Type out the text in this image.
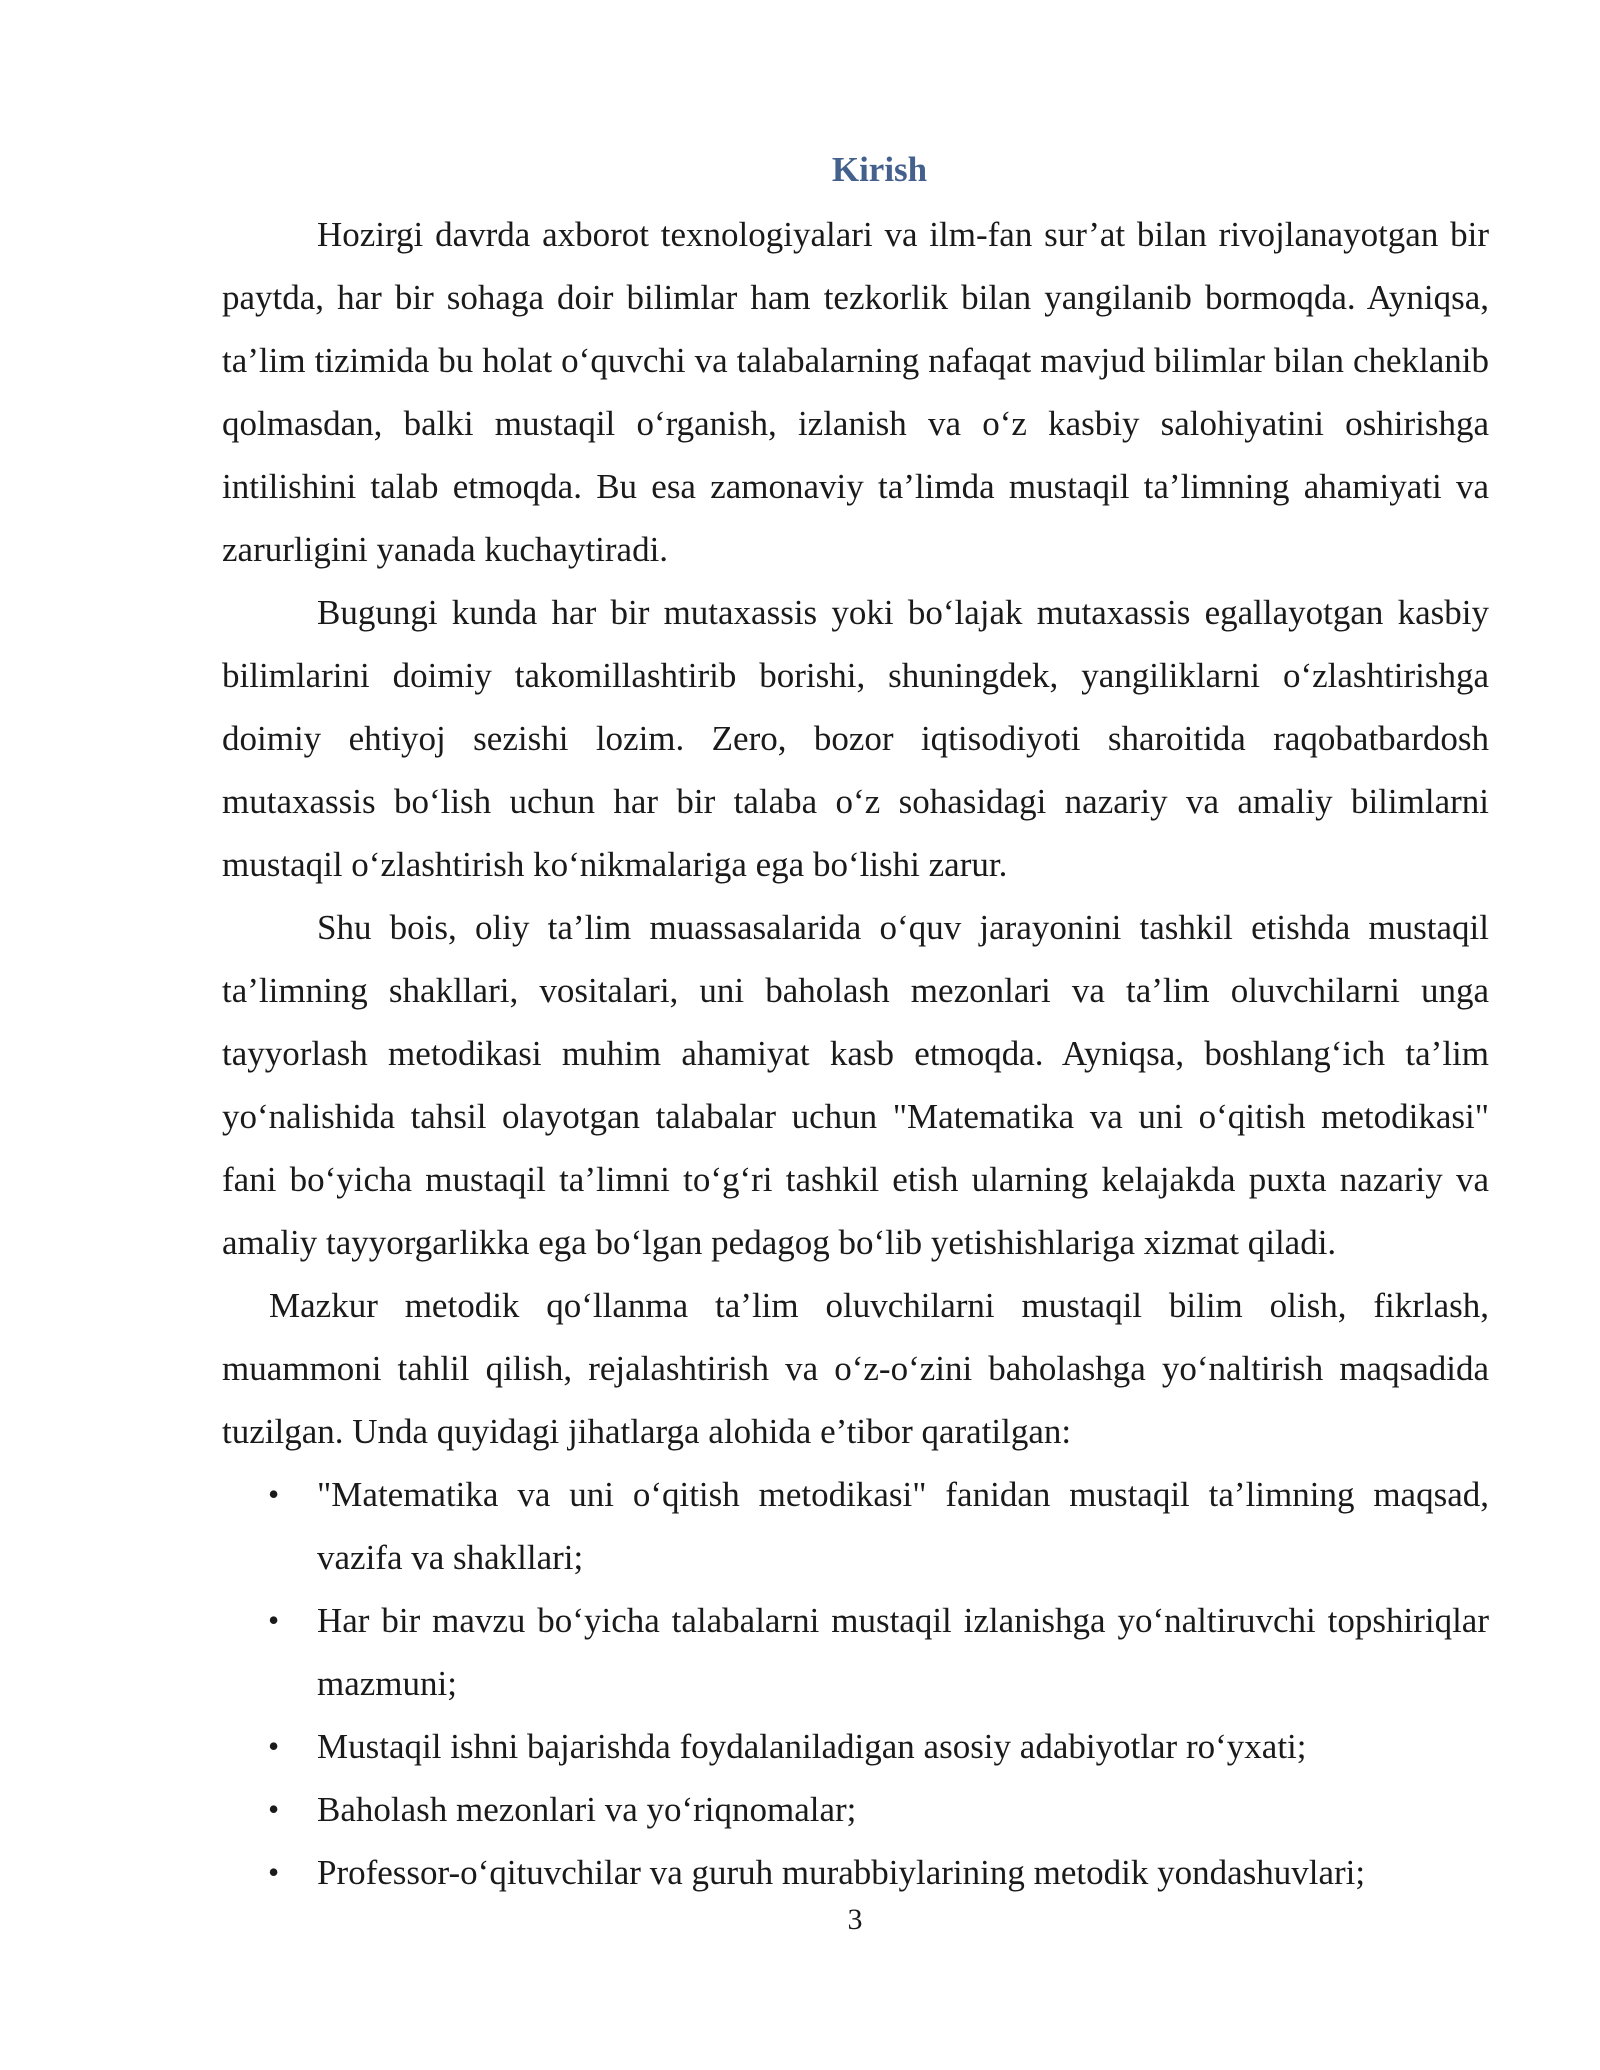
Kirish

Hozirgi davrda axborot texnologiyalari va ilm-fan sur’at bilan rivojlanayotgan bir paytda, har bir sohaga doir bilimlar ham tezkorlik bilan yangilanib bormoqda. Ayniqsa, ta’lim tizimida bu holat o‘quvchi va talabalarning nafaqat mavjud bilimlar bilan cheklanib qolmasdan, balki mustaqil o‘rganish, izlanish va o‘z kasbiy salohiyatini oshirishga intilishini talab etmoqda. Bu esa zamonaviy ta’limda mustaqil ta’limning ahamiyati va zarurligini yanada kuchaytiradi.

Bugungi kunda har bir mutaxassis yoki bo‘lajak mutaxassis egallayotgan kasbiy bilimlarini doimiy takomillashtirib borishi, shuningdek, yangiliklarni o‘zlashtirishga doimiy ehtiyoj sezishi lozim. Zero, bozor iqtisodiyoti sharoitida raqobatbardosh mutaxassis bo‘lish uchun har bir talaba o‘z sohasidagi nazariy va amaliy bilimlarni mustaqil o‘zlashtirish ko‘nikmalariga ega bo‘lishi zarur.

Shu bois, oliy ta’lim muassasalarida o‘quv jarayonini tashkil etishda mustaqil ta’limning shakllari, vositalari, uni baholash mezonlari va ta’lim oluvchilarni unga tayyorlash metodikasi muhim ahamiyat kasb etmoqda. Ayniqsa, boshlang‘ich ta’lim yo‘nalishida tahsil olayotgan talabalar uchun "Matematika va uni o‘qitish metodikasi" fani bo‘yicha mustaqil ta’limni to‘g‘ri tashkil etish ularning kelajakda puxta nazariy va amaliy tayyorgarlikka ega bo‘lgan pedagog bo‘lib yetishishlariga xizmat qiladi.

Mazkur metodik qo‘llanma ta’lim oluvchilarni mustaqil bilim olish, fikrlash, muammoni tahlil qilish, rejalashtirish va o‘z-o‘zini baholashga yo‘naltirish maqsadida tuzilgan. Unda quyidagi jihatlarga alohida e’tibor qaratilgan:

• "Matematika va uni o‘qitish metodikasi" fanidan mustaqil ta’limning maqsad, vazifa va shakllari;
• Har bir mavzu bo‘yicha talabalarni mustaqil izlanishga yo‘naltiruvchi topshiriqlar mazmuni;
• Mustaqil ishni bajarishda foydalaniladigan asosiy adabiyotlar ro‘yxati;
• Baholash mezonlari va yo‘riqnomalar;
• Professor-o‘qituvchilar va guruh murabbiylarining metodik yondashuvlari;
3
